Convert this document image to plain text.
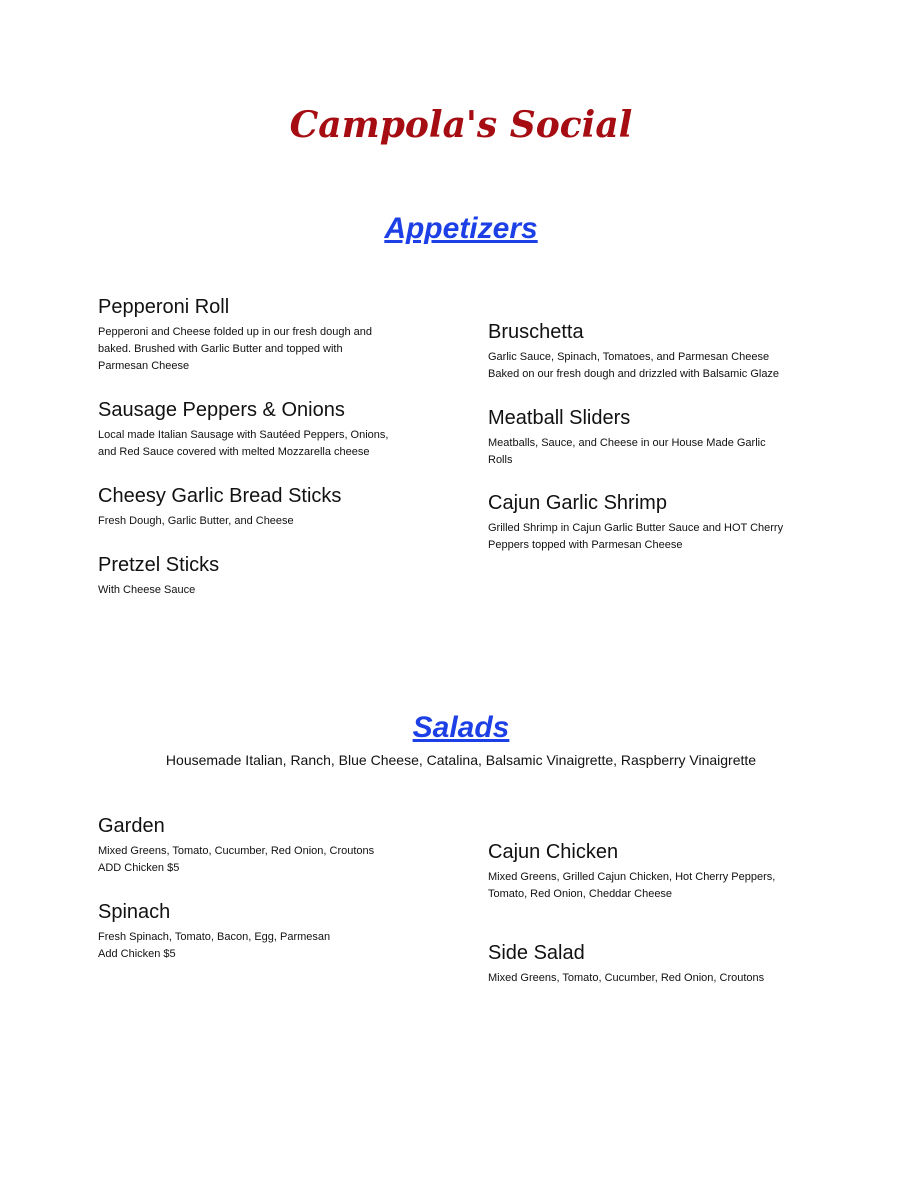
Campola's Social
Appetizers
Pepperoni Roll
Pepperoni and Cheese folded up in our fresh dough and
baked. Brushed with Garlic Butter and topped with
Parmesan Cheese
Sausage Peppers & Onions
Local made Italian Sausage with Sautéed Peppers, Onions,
and Red Sauce covered with melted Mozzarella cheese
Cheesy Garlic Bread Sticks
Fresh Dough, Garlic Butter, and Cheese
Pretzel Sticks
With Cheese Sauce
Bruschetta
Garlic Sauce, Spinach, Tomatoes, and Parmesan Cheese
Baked on our fresh dough and drizzled with Balsamic Glaze
Meatball Sliders
Meatballs, Sauce, and Cheese in our House Made Garlic
Rolls
Cajun Garlic Shrimp
Grilled Shrimp in Cajun Garlic Butter Sauce and HOT Cherry
Peppers topped with Parmesan Cheese
Salads
Housemade Italian, Ranch, Blue Cheese, Catalina, Balsamic Vinaigrette, Raspberry Vinaigrette
Garden
Mixed Greens, Tomato, Cucumber, Red Onion, Croutons
ADD Chicken $5
Spinach
Fresh Spinach, Tomato, Bacon, Egg, Parmesan
Add Chicken $5
Cajun Chicken
Mixed Greens, Grilled Cajun Chicken, Hot Cherry Peppers,
Tomato, Red Onion, Cheddar Cheese
Side Salad
Mixed Greens, Tomato, Cucumber, Red Onion, Croutons
